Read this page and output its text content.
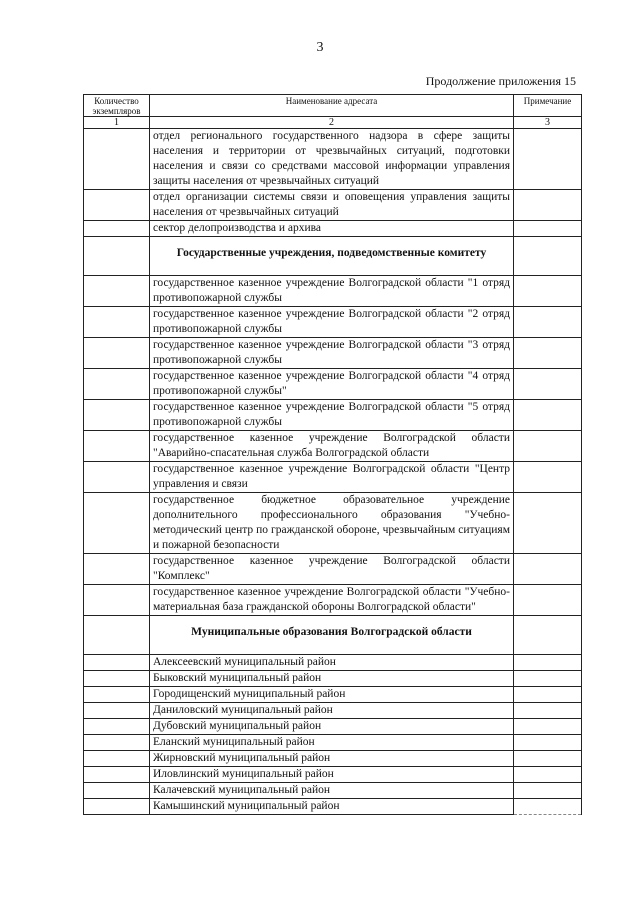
3
Продолжение приложения 15
Количество экземпляров	Наименование адресата	Примечание
1	2	3
	отдел регионального государственного надзора в сфере защиты населения и территории от чрезвычайных ситуаций, подготовки населения и связи со средствами массовой информации управления защиты населения от чрезвычайных ситуаций	
	отдел организации системы связи и оповещения управления защиты населения от чрезвычайных ситуаций	
	сектор делопроизводства и архива	
	Государственные учреждения, подведомственные комитету	
	государственное казенное учреждение Волгоградской области "1 отряд противопожарной службы	
	государственное казенное учреждение Волгоградской области "2 отряд противопожарной службы	
	государственное казенное учреждение Волгоградской области "3 отряд противопожарной службы	
	государственное казенное учреждение Волгоградской области "4 отряд противопожарной службы"	
	государственное казенное учреждение Волгоградской области "5 отряд противопожарной службы	
	государственное казенное учреждение Волгоградской области "Аварийно-спасательная служба Волгоградской области	
	государственное казенное учреждение Волгоградской области "Центр управления и связи	
	государственное бюджетное образовательное учреждение дополнительного профессионального образования "Учебно-методический центр по гражданской обороне, чрезвычайным ситуациям и пожарной безопасности	
	государственное казенное учреждение Волгоградской области "Комплекс"	
	государственное казенное учреждение Волгоградской области "Учебно-материальная база гражданской обороны Волгоградской области"	
	Муниципальные образования Волгоградской области	
	Алексеевский муниципальный район	
	Быковский муниципальный район	
	Городищенский муниципальный район	
	Даниловский муниципальный район	
	Дубовский муниципальный район	
	Еланский муниципальный район	
	Жирновский муниципальный район	
	Иловлинский муниципальный район	
	Калачевский муниципальный район	
	Камышинский муниципальный район	
